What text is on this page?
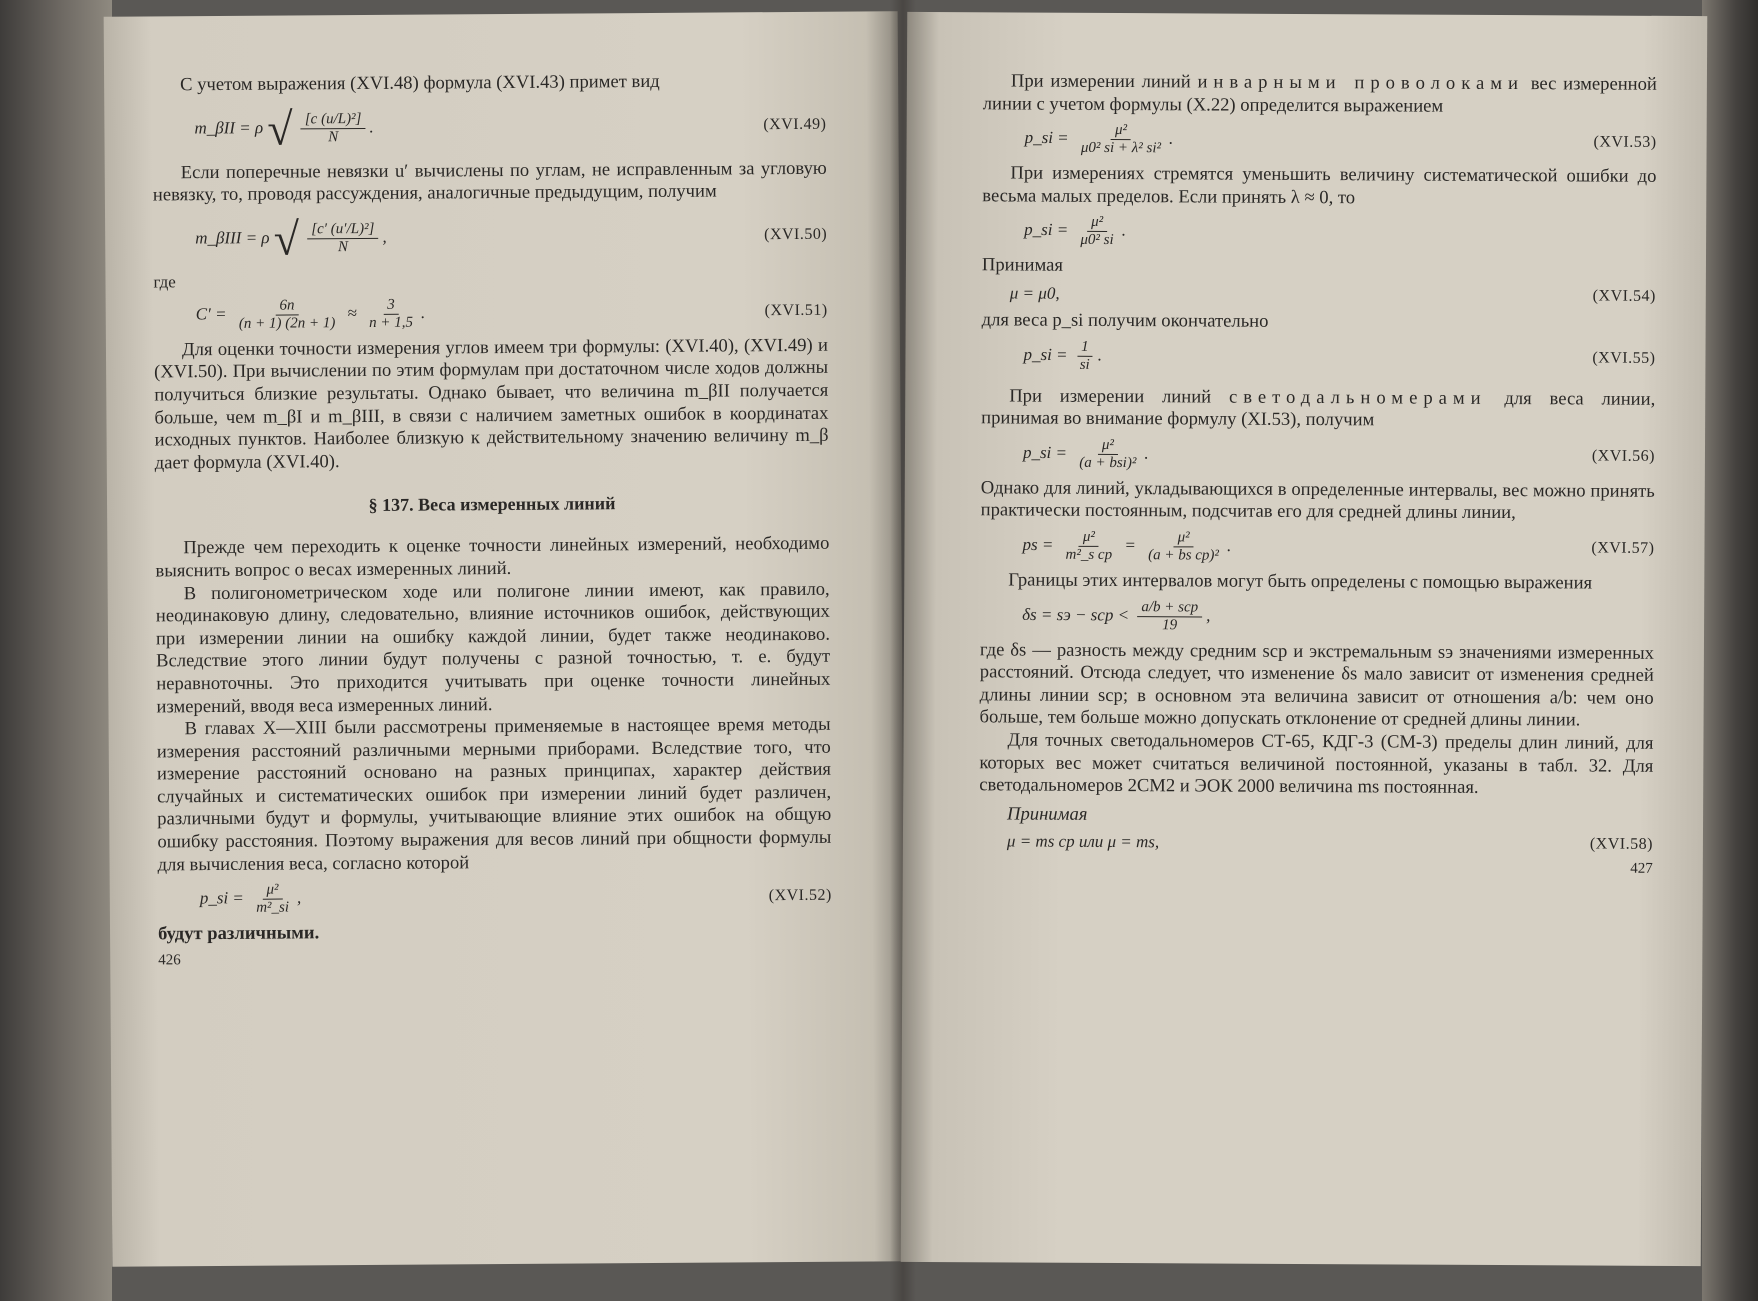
С учетом выражения (XVI.48) формула (XVI.43) примет вид

m_βII = ρ √ $\frac{\text{[c (u/L)²]}}{N}$ .	(XVI.49)

Если поперечные невязки u′ вычислены по углам, не исправленным за угловую невязку, то, проводя рассуждения, аналогичные предыдущим, получим

m_βIII = ρ √ $\frac{\text{[c′ (u′/L)²]}}{N}$ ,	(XVI.50)

где

$C' = \frac{6n}{(n + 1) (2n + 1)} \approx \frac{3}{n + 1,5}$ .	(XVI.51)

Для оценки точности измерения углов имеем три формулы: (XVI.40), (XVI.49) и (XVI.50). При вычислении по этим формулам при достаточном числе ходов должны получиться близкие результаты. Однако бывает, что величина m_βII получается больше, чем m_βI и m_βIII, в связи с наличием заметных ошибок в координатах исходных пунктов. Наиболее близкую к действительному значению величину m_β дает формула (XVI.40).

§ 137. Веса измеренных линий

Прежде чем переходить к оценке точности линейных измерений, необходимо выяснить вопрос о весах измеренных линий.

В полигонометрическом ходе или полигоне линии имеют, как правило, неодинаковую длину, следовательно, влияние источников ошибок, действующих при измерении линии на ошибку каждой линии, будет также неодинаково. Вследствие этого линии будут получены с разной точностью, т. е. будут неравноточны. Это приходится учитывать при оценке точности линейных измерений, вводя веса измеренных линий.

В главах X—XIII были рассмотрены применяемые в настоящее время методы измерения расстояний различными мерными приборами. Вследствие того, что измерение расстояний основано на разных принципах, характер действия случайных и систематических ошибок при измерении линий будет различен, различными будут и формулы, учитывающие влияние этих ошибок на общую ошибку расстояния. Поэтому выражения для весов линий при общности формулы для вычисления веса, согласно которой

p_si = $\frac{\text{μ²}}{\text{m²\_si}}$ ,	(XVI.52)

будут различными.

426

При измерении линий инварными проволоками вес измеренной линии с учетом формулы (X.22) определится выражением

p_si = $\frac{\text{μ²}}{\text{μ0² si + λ² si²}}$ .	(XVI.53)

При измерениях стремятся уменьшить величину систематической ошибки до весьма малых пределов. Если принять λ ≈ 0, то

p_si = $\frac{\text{μ²}}{\text{μ0² si}}$ .

Принимая

μ = μ0,	(XVI.54)

для веса p_si получим окончательно

p_si = $\frac{1}{si}$ .	(XVI.55)

При измерении линий светодальномерами для веса линии, принимая во внимание формулу (XI.53), получим

p_si = $\frac{\text{μ²}}{\text{(a + bsi)²}}$ .	(XVI.56)

Однако для линий, укладывающихся в определенные интервалы, вес можно принять практически постоянным, подсчитав его для средней длины линии,

ps = $\frac{\text{μ²}}{\text{m²\_s ср}} = \frac{\text{μ²}}{\text{(a + bs ср)²}}$ .	(XVI.57)

Границы этих интервалов могут быть определены с помощью выражения

δs = sэ − sср < $\frac{\text{a/b + sср}}{19}$ ,

где δs — разность между средним sср и экстремальным sэ значениями измеренных расстояний. Отсюда следует, что изменение δs мало зависит от изменения средней длины линии sср; в основном эта величина зависит от отношения a/b: чем оно больше, тем больше можно допускать отклонение от средней длины линии.

Для точных светодальномеров СТ-65, КДГ-3 (СМ-3) пределы длин линий, для которых вес может считаться величиной постоянной, указаны в табл. 32. Для светодальномеров 2СМ2 и ЭОК 2000 величина ms постоянная.

Принимая

μ = ms ср или μ = ms,	(XVI.58)

427
